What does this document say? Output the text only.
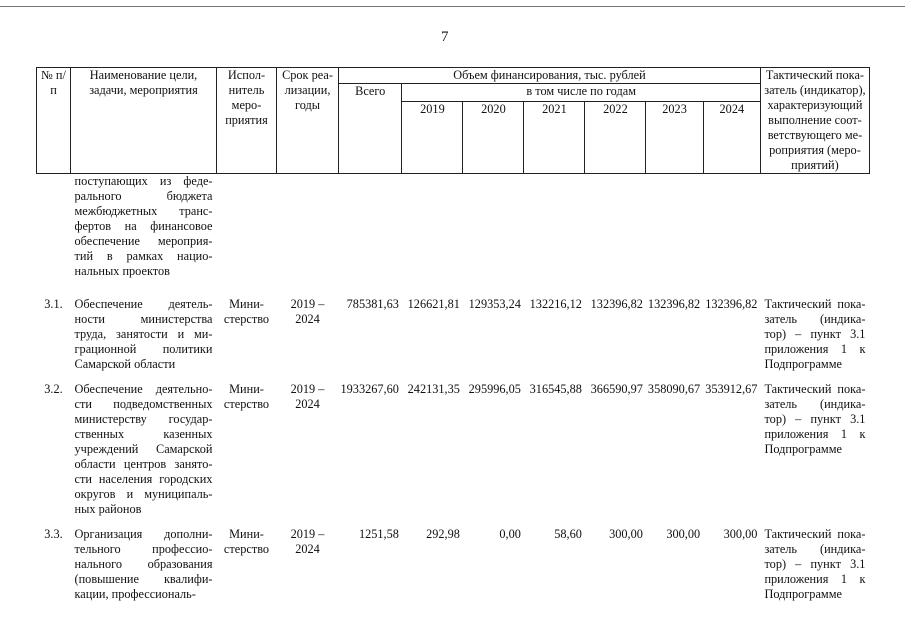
7
№ п/п	Наименование цели, задачи, мероприятия	Испол-нитель меро-приятия	Срок реа-лизации, годы	Объем финансирования, тыс. рублей							Тактический пока-затель (индикатор), характеризующий выполнение соот-ветствующего ме-роприятия (меро-приятий)
				Всего	в том числе по годам						
					2019	2020	2021	2022	2023	2024	
	поступающих из феде-рального бюджета межбюджетных транс-фертов на финансовое обеспечение мероприя-тий в рамках нацио-нальных проектов										
3.1.	Обеспечение деятель-ности министерства труда, занятости и ми-грационной политики Самарской области	Мини-стерство	2019 – 2024	785381,63	126621,81	129353,24	132216,12	132396,82	132396,82	132396,82	Тактический пока-затель (индика-тор) – пункт 3.1 приложения 1 к Подпрограмме
3.2.	Обеспечение деятельно-сти подведомственных министерству государ-ственных казенных учреждений Самарской области центров занято-сти населения городских округов и муниципаль-ных районов	Мини-стерство	2019 – 2024	1933267,60	242131,35	295996,05	316545,88	366590,97	358090,67	353912,67	Тактический пока-затель (индика-тор) – пункт 3.1 приложения 1 к Подпрограмме
3.3.	Организация дополни-тельного профессио-нального образования (повышение квалифи-кации, профессиональ-	Мини-стерство	2019 – 2024	1251,58	292,98	0,00	58,60	300,00	300,00	300,00	Тактический пока-затель (индика-тор) – пункт 3.1 приложения 1 к Подпрограмме
